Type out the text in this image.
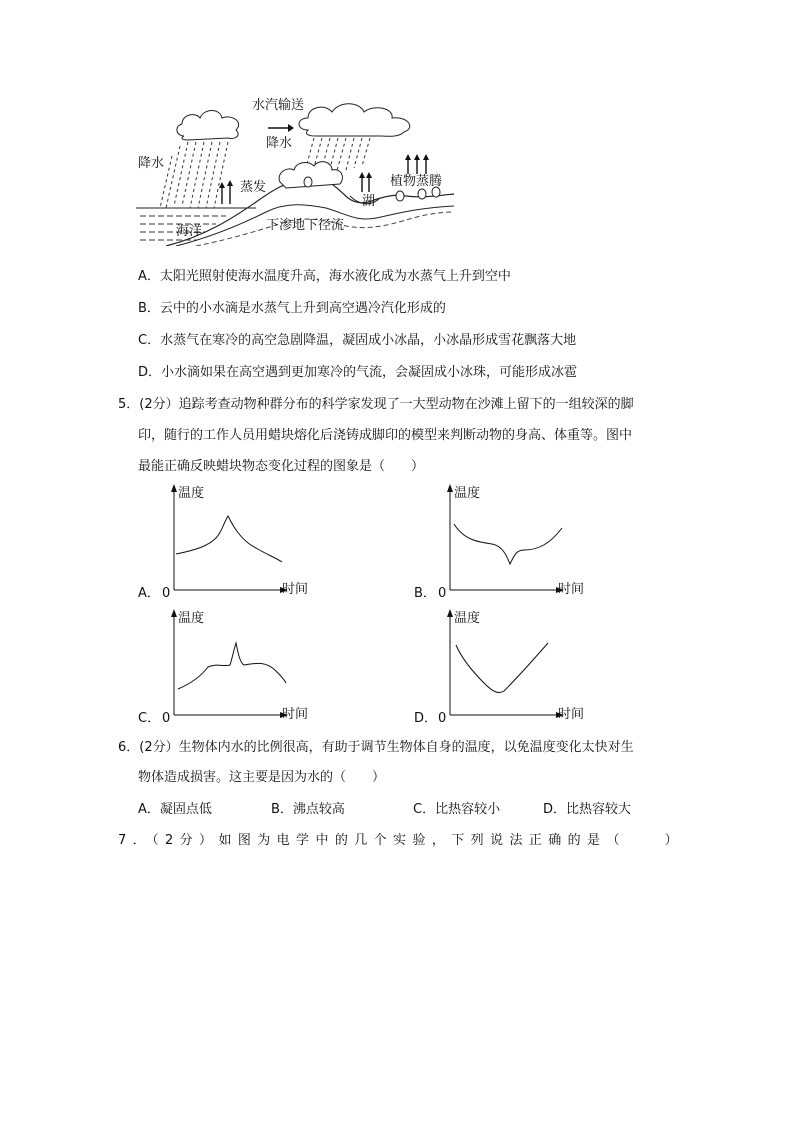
水汽输送
降水
降水
蒸发
湖
植物蒸腾
海洋	下渗地下径流
A．太阳光照射使海水温度升高，海水液化成为水蒸气上升到空中
B．云中的小水滴是水蒸气上升到高空遇冷汽化形成的
C．水蒸气在寒冷的高空急剧降温，凝固成小冰晶，小冰晶形成雪花飘落大地
D．小水滴如果在高空遇到更加寒冷的气流，会凝固成小冰珠，可能形成冰雹
5．(2分）追踪考查动物种群分布的科学家发现了一大型动物在沙滩上留下的一组较深的脚
印，随行的工作人员用蜡块熔化后浇铸成脚印的模型来判断动物的身高、体重等。图中
最能正确反映蜡块物态变化过程的图象是（　　）
A． 0
温度
时间	B． 0
温度
时间
C． 0
温度
时间	D． 0
温度
时间
6．(2分）生物体内水的比例很高，有助于调节生物体自身的温度，以免温度变化太快对生
物体造成损害。这主要是因为水的（　　）
A．凝固点低	B．沸点较高	C．比热容较小	D．比热容较大
7．（2分）如图为电学中的几个实验，下列说法正确的是（　　）
